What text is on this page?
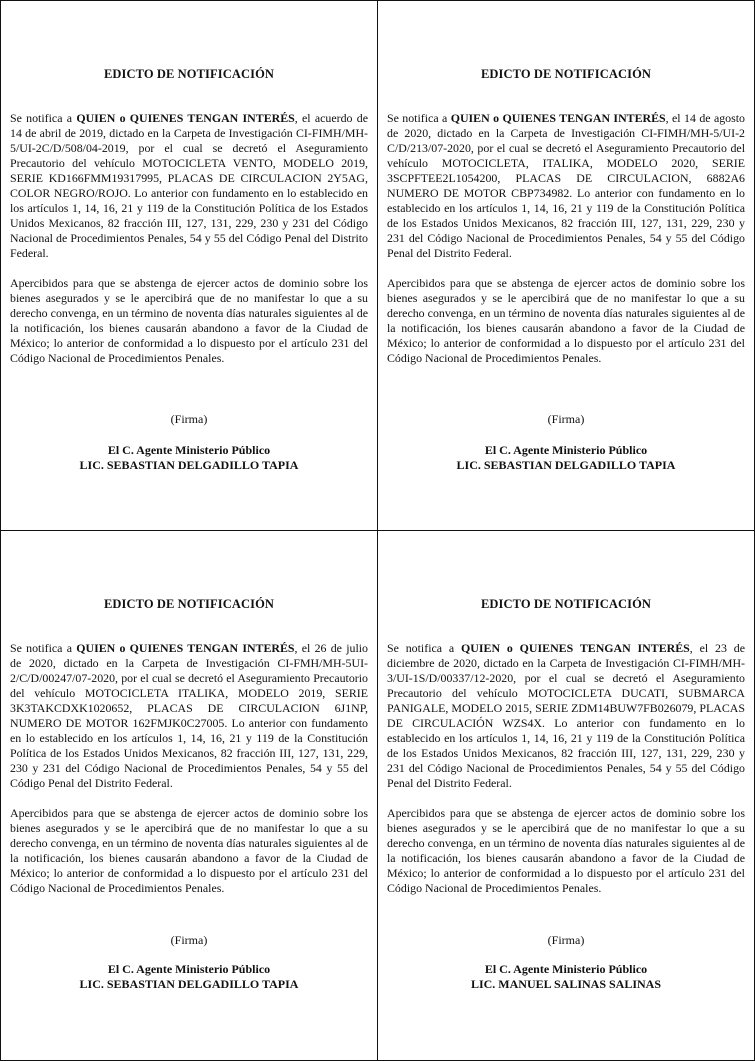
EDICTO DE NOTIFICACIÓN

Se notifica a QUIEN o QUIENES TENGAN INTERÉS, el acuerdo de 14 de abril de 2019, dictado en la Carpeta de Investigación CI-FIMH/MH-5/UI-2C/D/508/04-2019, por el cual se decretó el Aseguramiento Precautorio del vehículo MOTOCICLETA VENTO, MODELO 2019, SERIE KD166FMM19317995, PLACAS DE CIRCULACION 2Y5AG, COLOR NEGRO/ROJO. Lo anterior con fundamento en lo establecido en los artículos 1, 14, 16, 21 y 119 de la Constitución Política de los Estados Unidos Mexicanos, 82 fracción III, 127, 131, 229, 230 y 231 del Código Nacional de Procedimientos Penales, 54 y 55 del Código Penal del Distrito Federal.

Apercibidos para que se abstenga de ejercer actos de dominio sobre los bienes asegurados y se le apercibirá que de no manifestar lo que a su derecho convenga, en un término de noventa días naturales siguientes al de la notificación, los bienes causarán abandono a favor de la Ciudad de México; lo anterior de conformidad a lo dispuesto por el artículo 231 del Código Nacional de Procedimientos Penales.

EDICTO DE NOTIFICACIÓN

Se notifica a QUIEN o QUIENES TENGAN INTERÉS, el 14 de agosto de 2020, dictado en la Carpeta de Investigación CI-FIMH/MH-5/UI-2 C/D/213/07-2020, por el cual se decretó el Aseguramiento Precautorio del vehículo MOTOCICLETA, ITALIKA, MODELO 2020, SERIE 3SCPFTEE2L1054200, PLACAS DE CIRCULACION, 6882A6 NUMERO DE MOTOR CBP734982. Lo anterior con fundamento en lo establecido en los artículos 1, 14, 16, 21 y 119 de la Constitución Política de los Estados Unidos Mexicanos, 82 fracción III, 127, 131, 229, 230 y 231 del Código Nacional de Procedimientos Penales, 54 y 55 del Código Penal del Distrito Federal.

Apercibidos para que se abstenga de ejercer actos de dominio sobre los bienes asegurados y se le apercibirá que de no manifestar lo que a su derecho convenga, en un término de noventa días naturales siguientes al de la notificación, los bienes causarán abandono a favor de la Ciudad de México; lo anterior de conformidad a lo dispuesto por el artículo 231 del Código Nacional de Procedimientos Penales.

EDICTO DE NOTIFICACIÓN

Se notifica a QUIEN o QUIENES TENGAN INTERÉS, el 26 de julio de 2020, dictado en la Carpeta de Investigación CI-FMH/MH-5UI-2/C/D/00247/07-2020, por el cual se decretó el Aseguramiento Precautorio del vehículo MOTOCICLETA ITALIKA, MODELO 2019, SERIE 3K3TAKCDXK1020652, PLACAS DE CIRCULACION 6J1NP, NUMERO DE MOTOR 162FMJK0C27005. Lo anterior con fundamento en lo establecido en los artículos 1, 14, 16, 21 y 119 de la Constitución Política de los Estados Unidos Mexicanos, 82 fracción III, 127, 131, 229, 230 y 231 del Código Nacional de Procedimientos Penales, 54 y 55 del Código Penal del Distrito Federal.

Apercibidos para que se abstenga de ejercer actos de dominio sobre los bienes asegurados y se le apercibirá que de no manifestar lo que a su derecho convenga, en un término de noventa días naturales siguientes al de la notificación, los bienes causarán abandono a favor de la Ciudad de México; lo anterior de conformidad a lo dispuesto por el artículo 231 del Código Nacional de Procedimientos Penales.

EDICTO DE NOTIFICACIÓN

Se notifica a QUIEN o QUIENES TENGAN INTERÉS, el 23 de diciembre de 2020, dictado en la Carpeta de Investigación CI-FIMH/MH-3/UI-1S/D/00337/12-2020, por el cual se decretó el Aseguramiento Precautorio del vehículo MOTOCICLETA DUCATI, SUBMARCA PANIGALE, MODELO 2015, SERIE ZDM14BUW7FB026079, PLACAS DE CIRCULACIÓN WZS4X. Lo anterior con fundamento en lo establecido en los artículos 1, 14, 16, 21 y 119 de la Constitución Política de los Estados Unidos Mexicanos, 82 fracción III, 127, 131, 229, 230 y 231 del Código Nacional de Procedimientos Penales, 54 y 55 del Código Penal del Distrito Federal.

Apercibidos para que se abstenga de ejercer actos de dominio sobre los bienes asegurados y se le apercibirá que de no manifestar lo que a su derecho convenga, en un término de noventa días naturales siguientes al de la notificación, los bienes causarán abandono a favor de la Ciudad de México; lo anterior de conformidad a lo dispuesto por el artículo 231 del Código Nacional de Procedimientos Penales.

(Firma)
El C. Agente Ministerio Público
LIC. SEBASTIAN DELGADILLO TAPIA
(Firma)
El C. Agente Ministerio Público
LIC. SEBASTIAN DELGADILLO TAPIA
(Firma)
El C. Agente Ministerio Público
LIC. SEBASTIAN DELGADILLO TAPIA
(Firma)
El C. Agente Ministerio Público
LIC. MANUEL SALINAS SALINAS
